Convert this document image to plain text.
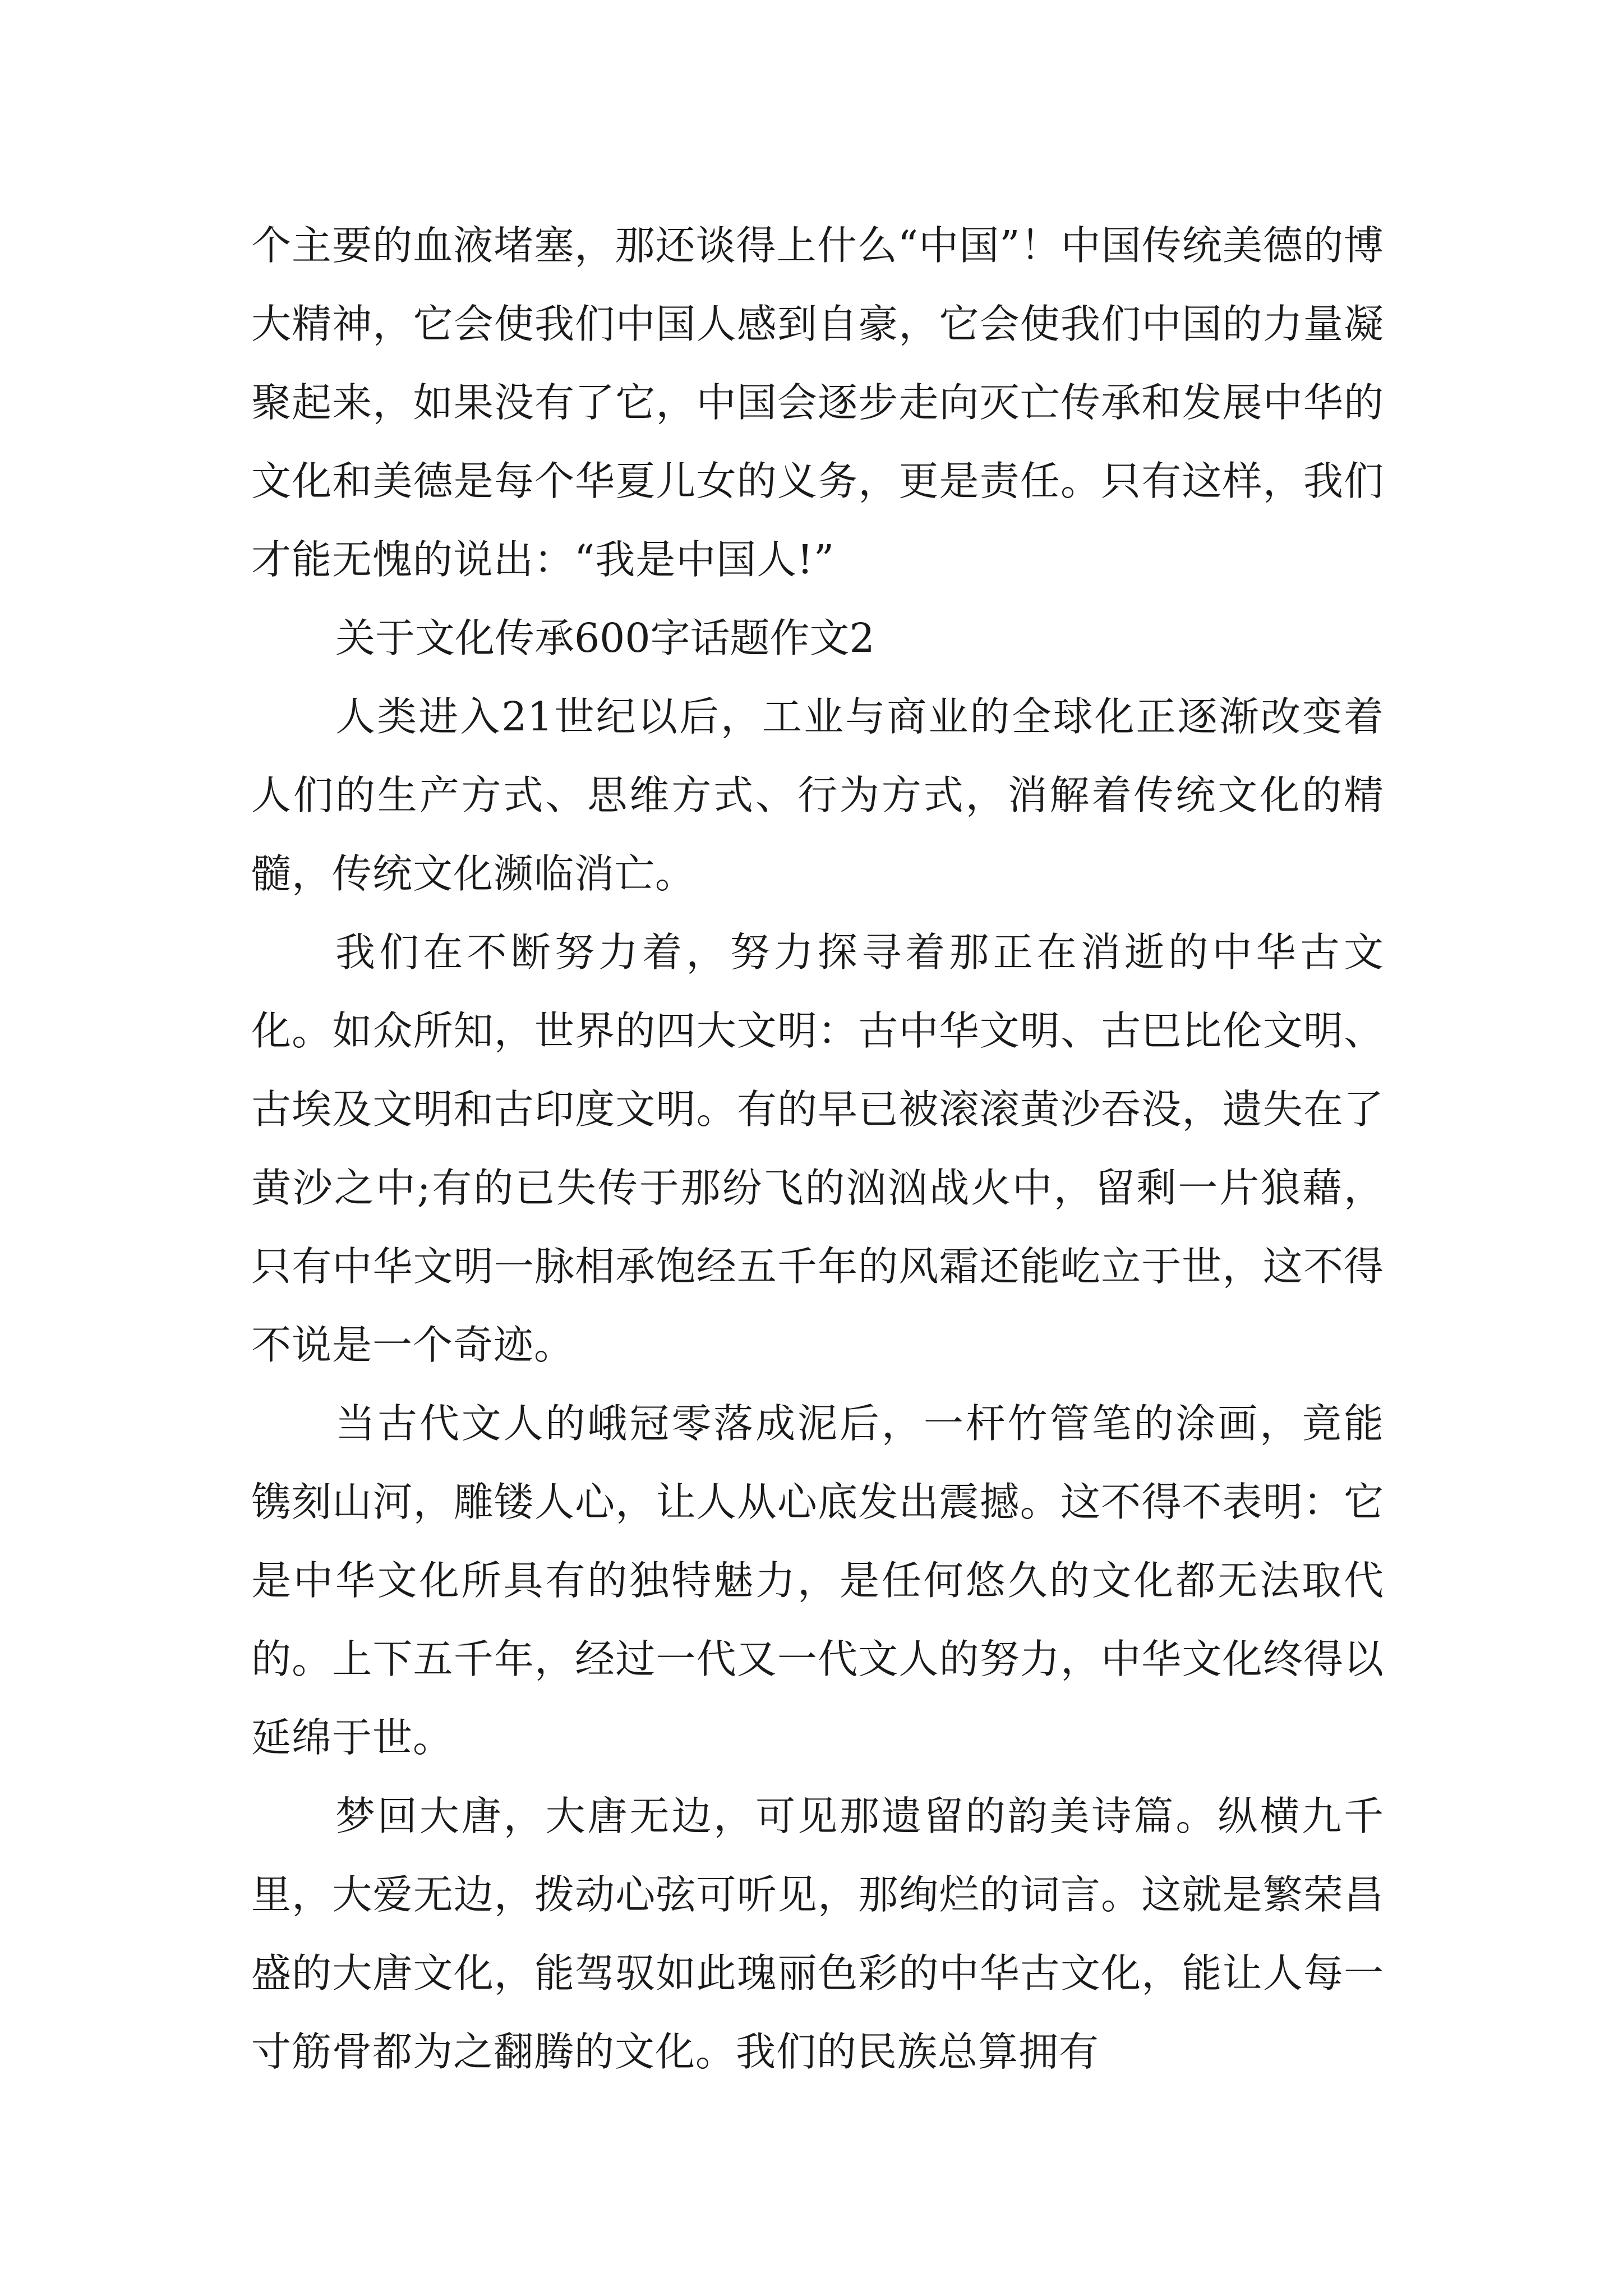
个主要的血液堵塞，那还谈得上什么“中国”！中国传统美德的博大精神，它会使我们中国人感到自豪，它会使我们中国的力量凝聚起来，如果没有了它，中国会逐步走向灭亡传承和发展中华的文化和美德是每个华夏儿女的义务，更是责任。只有这样，我们才能无愧的说出：“我是中国人!”

关于文化传承600字话题作文2

人类进入21世纪以后，工业与商业的全球化正逐渐改变着人们的生产方式、思维方式、行为方式，消解着传统文化的精髓，传统文化濒临消亡。

我们在不断努力着，努力探寻着那正在消逝的中华古文化。如众所知，世界的四大文明：古中华文明、古巴比伦文明、古埃及文明和古印度文明。有的早已被滚滚黄沙吞没，遗失在了黄沙之中;有的已失传于那纷飞的汹汹战火中，留剩一片狼藉，只有中华文明一脉相承饱经五千年的风霜还能屹立于世，这不得不说是一个奇迹。

当古代文人的峨冠零落成泥后，一杆竹管笔的涂画，竟能镌刻山河，雕镂人心，让人从心底发出震撼。这不得不表明：它是中华文化所具有的独特魅力，是任何悠久的文化都无法取代的。上下五千年，经过一代又一代文人的努力，中华文化终得以延绵于世。

梦回大唐，大唐无边，可见那遗留的韵美诗篇。纵横九千里，大爱无边，拨动心弦可听见，那绚烂的词言。这就是繁荣昌盛的大唐文化，能驾驭如此瑰丽色彩的中华古文化，能让人每一寸筋骨都为之翻腾的文化。我们的民族总算拥有
